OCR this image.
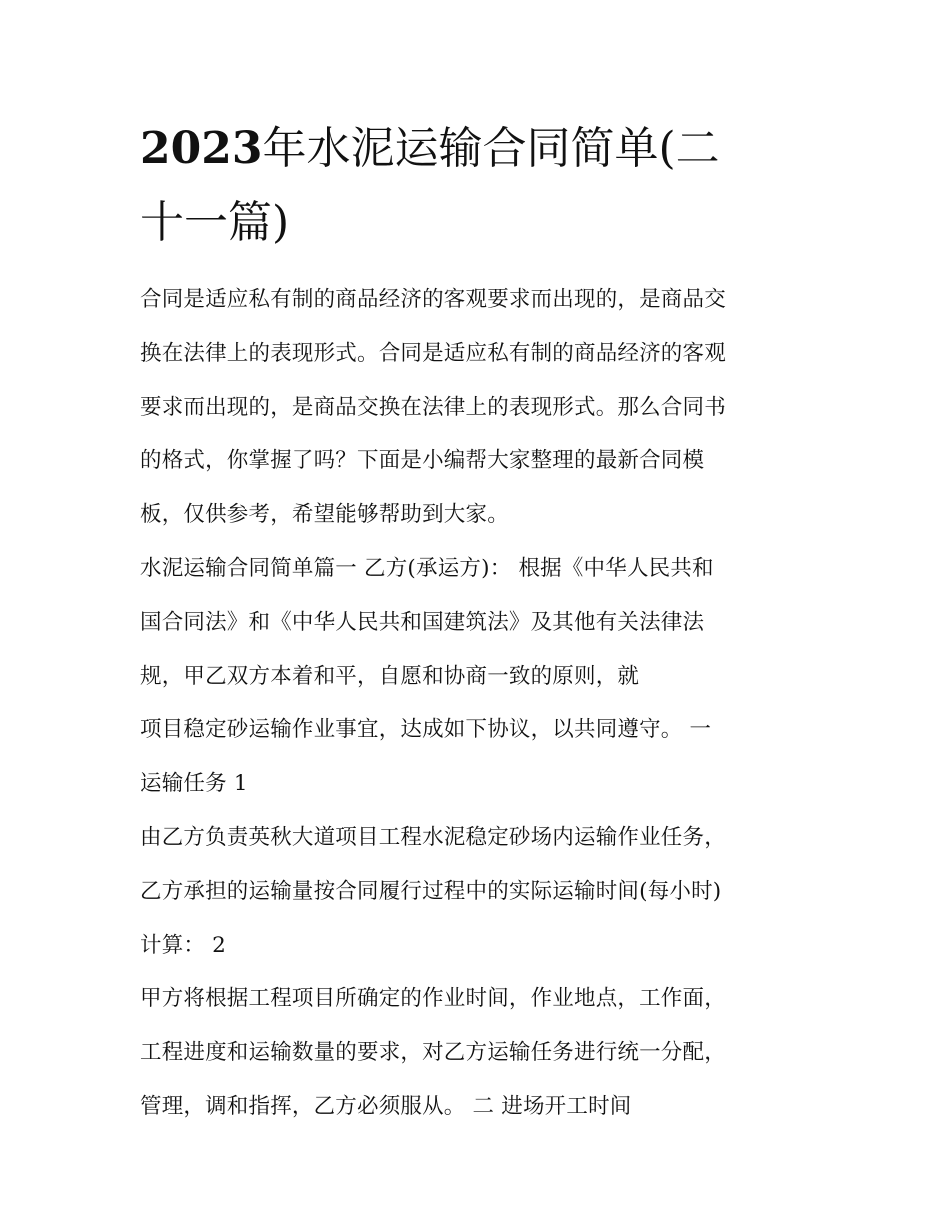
2023年水泥运输合同简单(二
十一篇)

合同是适应私有制的商品经济的客观要求而出现的，是商品交
换在法律上的表现形式。合同是适应私有制的商品经济的客观
要求而出现的，是商品交换在法律上的表现形式。那么合同书
的格式，你掌握了吗？下面是小编帮大家整理的最新合同模
板，仅供参考，希望能够帮助到大家。

水泥运输合同简单篇一 乙方(承运方)： 根据《中华人民共和
国合同法》和《中华人民共和国建筑法》及其他有关法律法
规，甲乙双方本着和平，自愿和协商一致的原则，就
项目稳定砂运输作业事宜，达成如下协议，以共同遵守。 一
运输任务 1

由乙方负责英秋大道项目工程水泥稳定砂场内运输作业任务，
乙方承担的运输量按合同履行过程中的实际运输时间(每小时)
计算： 2

甲方将根据工程项目所确定的作业时间，作业地点，工作面，
工程进度和运输数量的要求，对乙方运输任务进行统一分配，
管理，调和指挥，乙方必须服从。 二 进场开工时间
